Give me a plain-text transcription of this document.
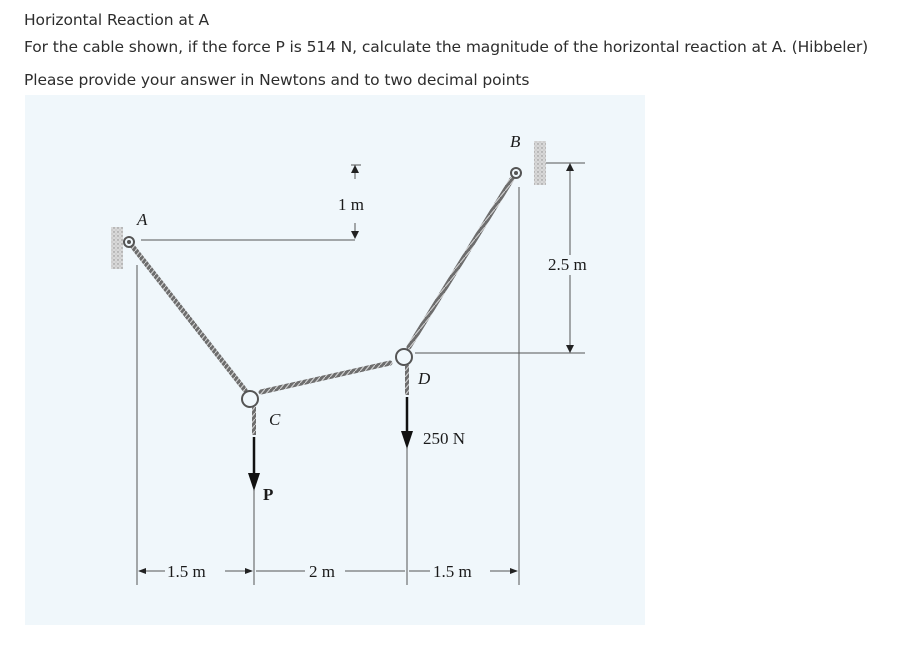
Horizontal Reaction at A
For the cable shown, if the force P is 514 N, calculate the magnitude of the horizontal reaction at A. (Hibbeler)
Please provide your answer in Newtons and to two decimal points
A
B
C
D
P
250 N
1 m
2.5 m
1.5 m	2 m	1.5 m
